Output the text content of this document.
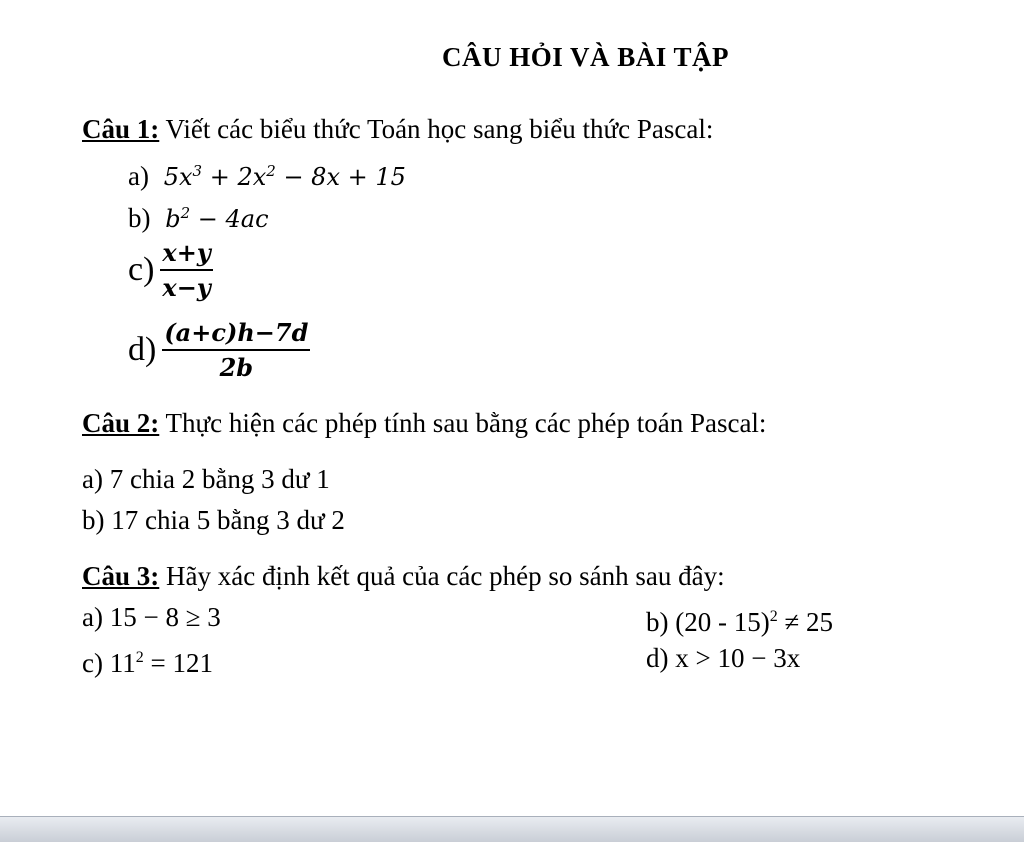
CÂU HỎI VÀ BÀI TẬP
Câu 1: Viết các biểu thức Toán học sang biểu thức Pascal:
a) $5x^3 + 2x^2 - 8x + 15$
b) $b^2 - 4ac$
$c) \frac{x+y}{x-y}$
$d) \frac{(a+c)h-7d}{2b}$
Câu 2: Thực hiện các phép tính sau bằng các phép toán Pascal:
a) 7 chia 2 bằng 3 dư 1
b) 17 chia 5 bằng 3 dư 2
Câu 3: Hãy xác định kết quả của các phép so sánh sau đây:
a) 15 − 8 ≥ 3	b) (20 - 15)$^2$ ≠ 25
c) $11^2 = 121$	d) x > 10 − 3x
